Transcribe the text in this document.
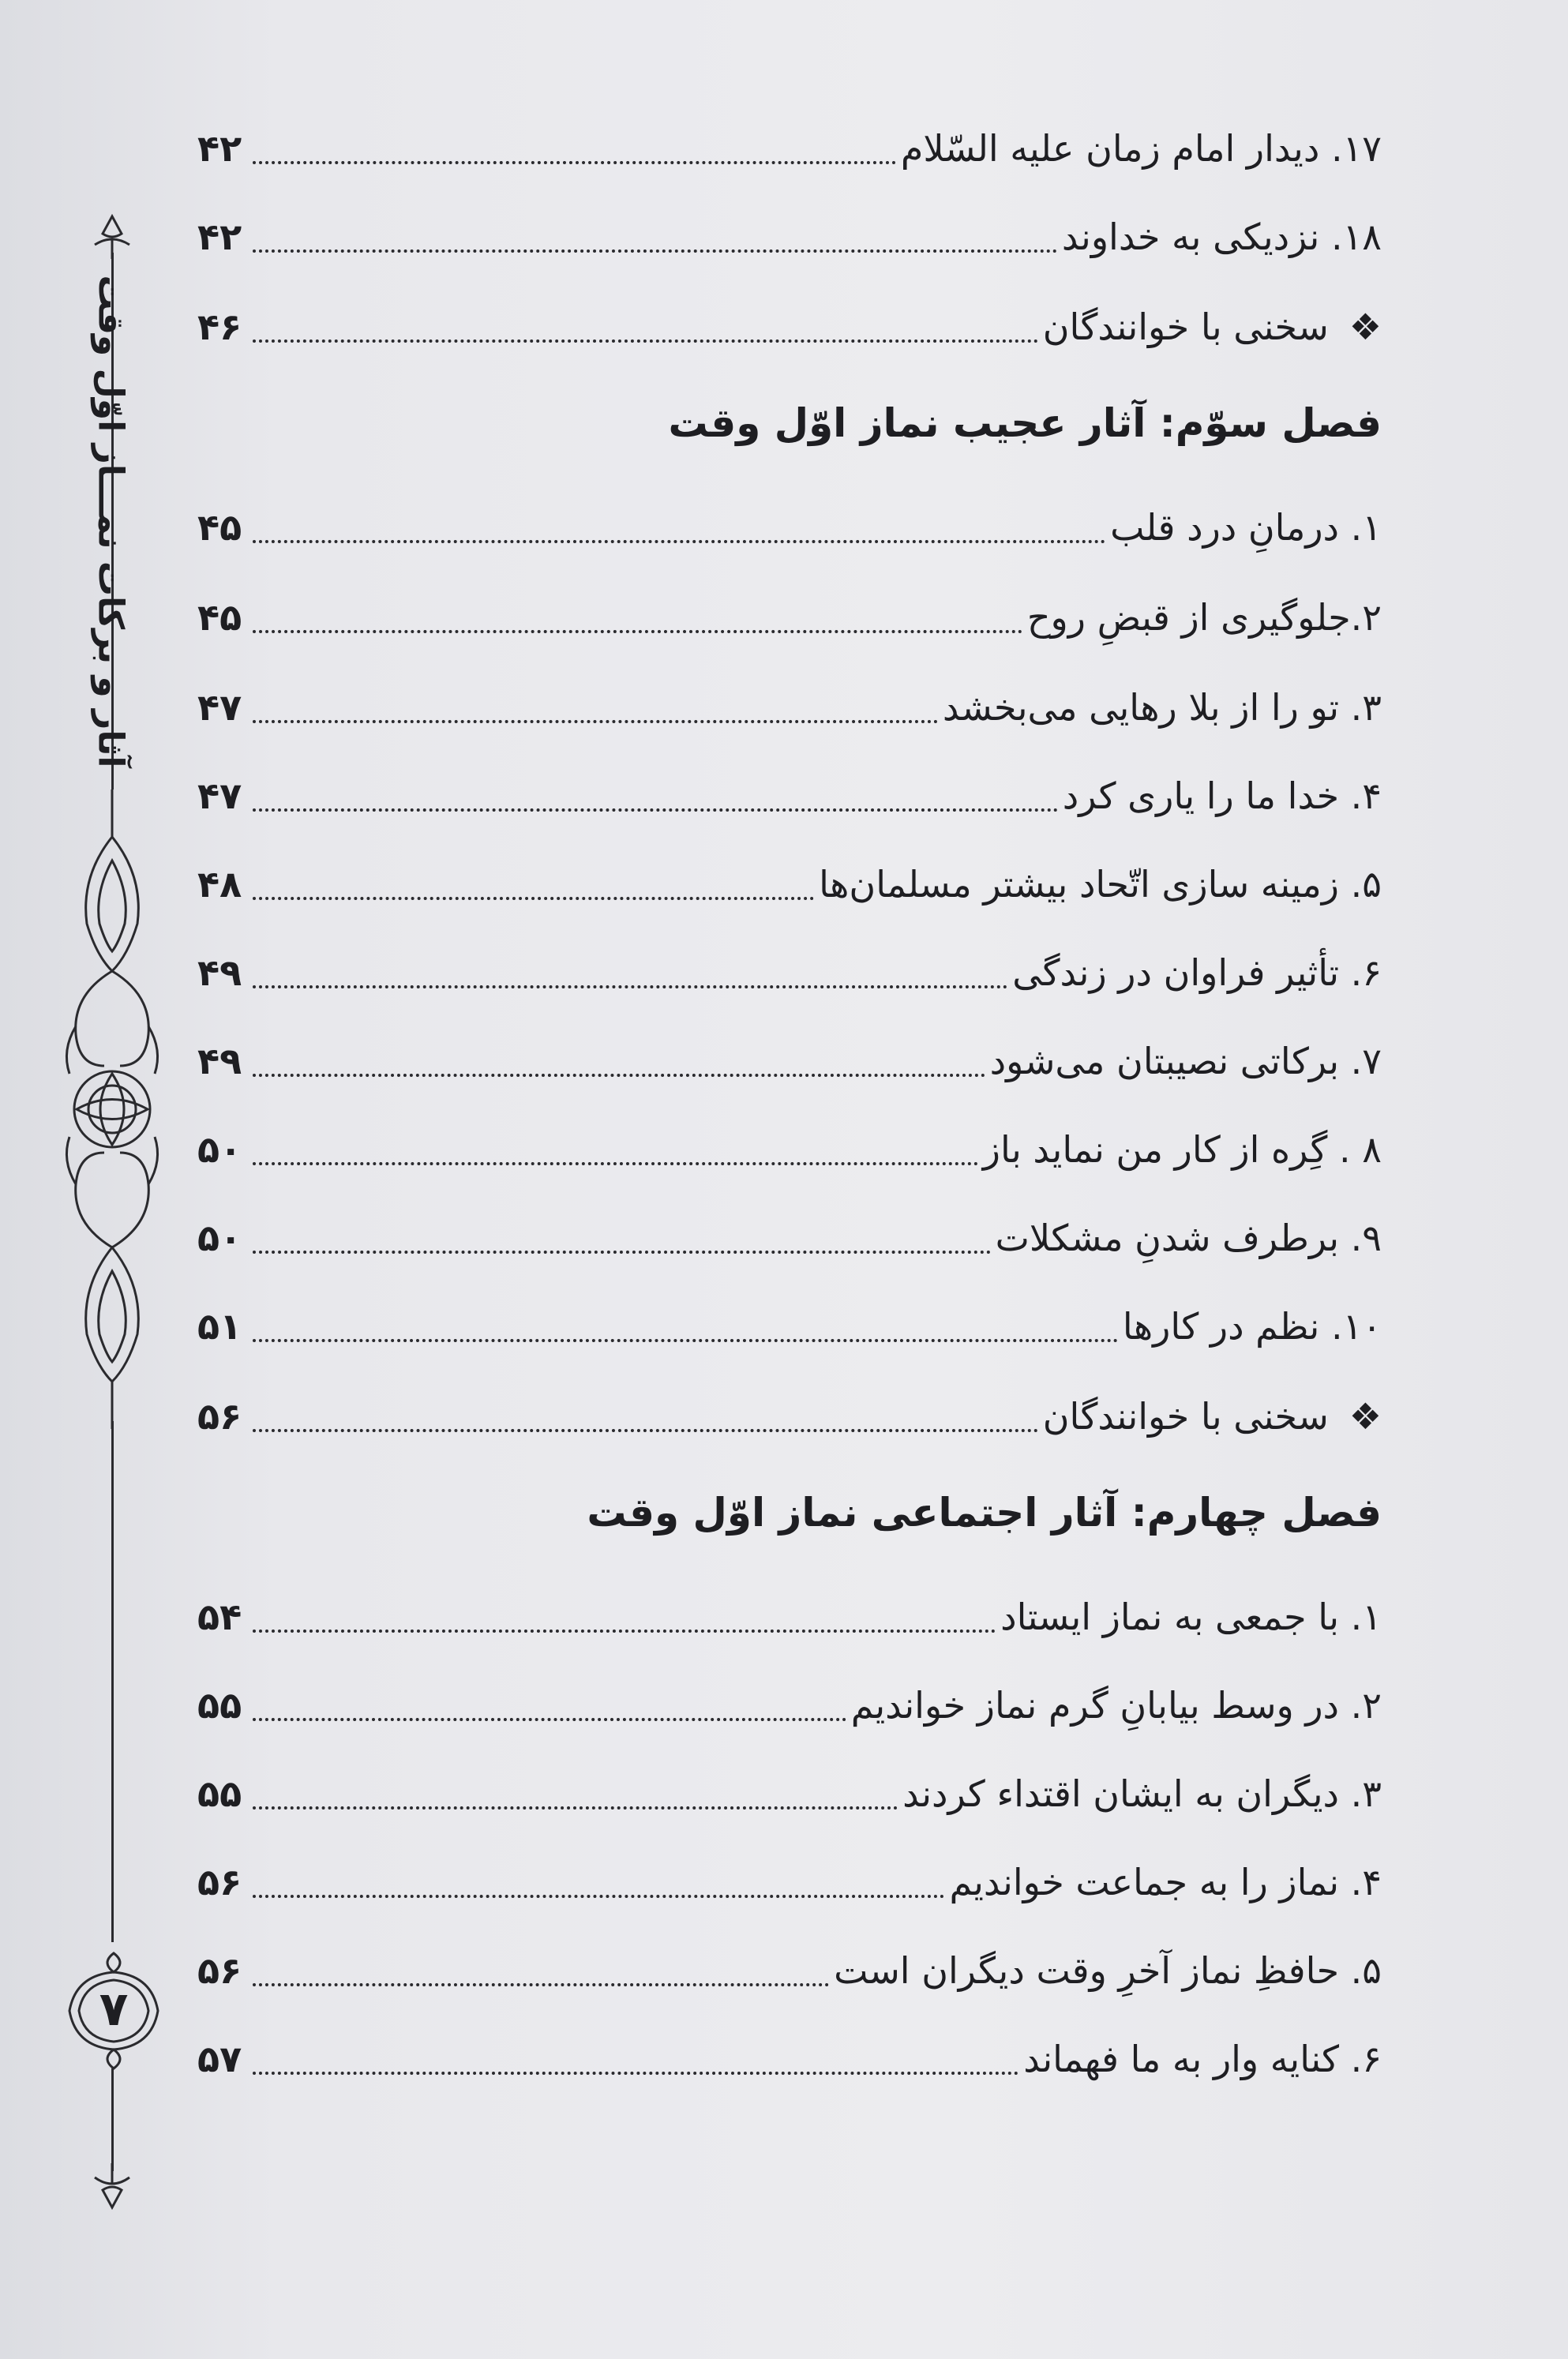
۷
آثار و برکات نمـــاز اوّل وقت
۱۷. دیدار امام زمان علیه السّلام
۴۲
۱۸. نزدیکی به خداوند
۴۲
❖
سخنی با خوانندگان
۴۶
فصل سوّم: آثار عجیب نماز اوّل وقت
۱. درمانِ درد قلب
۴۵
۲.جلوگیری از قبضِ روح
۴۵
۳. تو را از بلا رهایی می‌بخشد
۴۷
۴. خدا ما را یاری کرد
۴۷
۵. زمینه سازی اتّحاد بیشتر مسلمان‌ها
۴۸
۶. تأثیر فراوان در زندگی
۴۹
۷. برکاتی نصیبتان می‌شود
۴۹
۸ . گِره از کار من نماید باز
۵۰
۹. برطرف شدنِ مشکلات
۵۰
۱۰. نظم در کارها
۵۱
❖
سخنی با خوانندگان
۵۶
فصل چهارم: آثار اجتماعی نماز اوّل وقت
۱. با جمعی به نماز ایستاد
۵۴
۲. در وسط بیابانِ گرم نماز خواندیم
۵۵
۳. دیگران به ایشان اقتداء کردند
۵۵
۴. نماز را به جماعت خواندیم
۵۶
۵. حافظِ نماز آخرِ وقت دیگران است
۵۶
۶. کنایه وار به ما فهماند
۵۷
